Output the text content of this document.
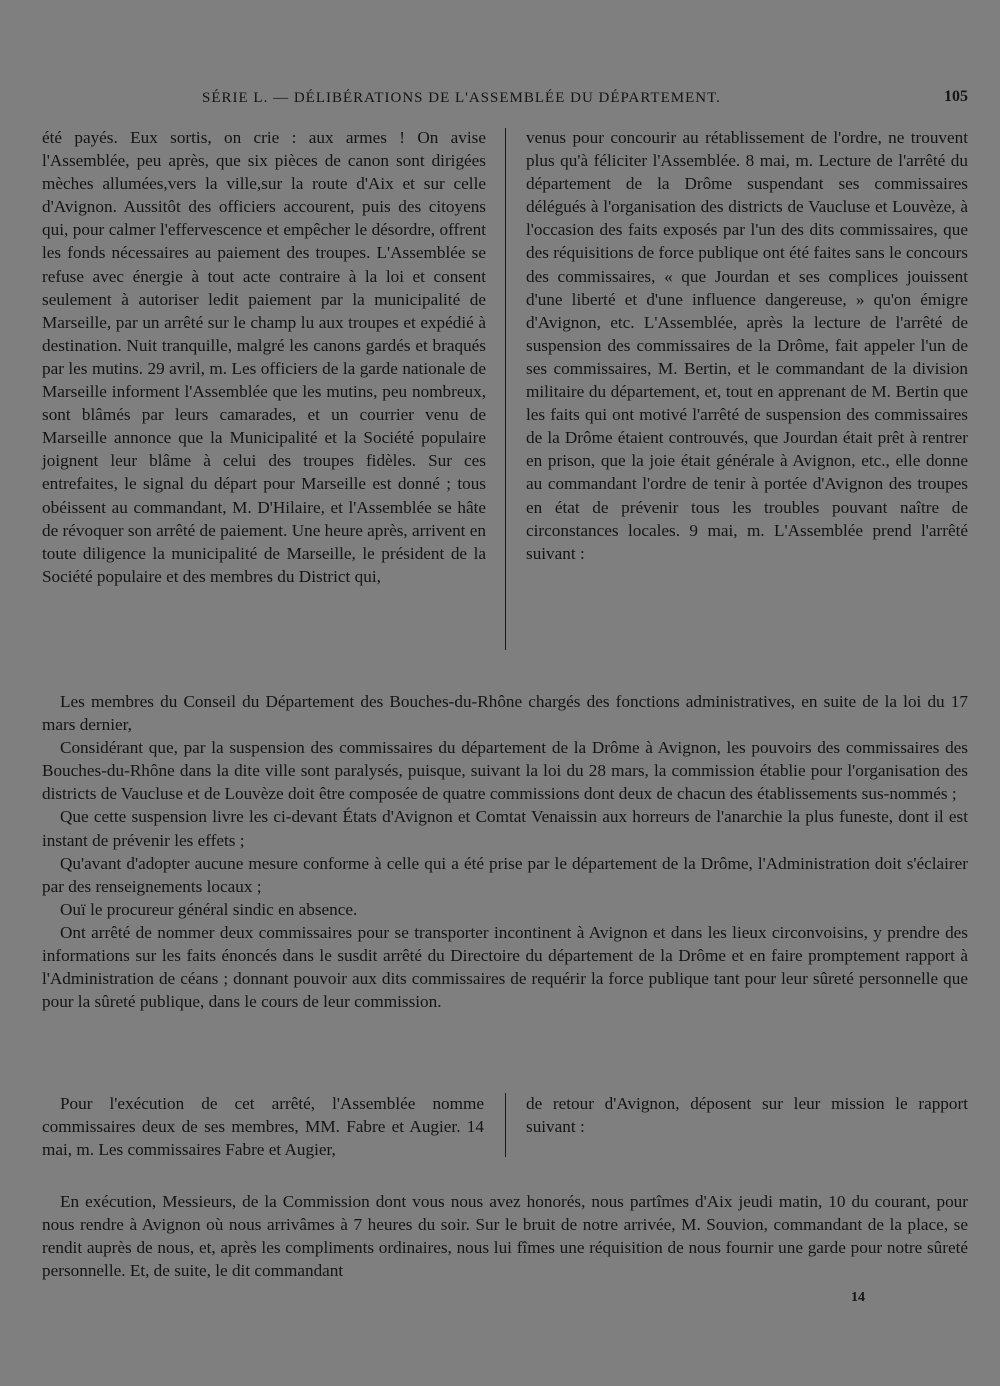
SÉRIE L. — DÉLIBÉRATIONS DE L'ASSEMBLÉE DU DÉPARTEMENT.	105

été payés. Eux sortis, on crie : aux armes ! On avise l'Assemblée, peu après, que six pièces de canon sont dirigées mèches allumées,vers la ville,sur la route d'Aix et sur celle d'Avignon. Aussitôt des officiers accourent, puis des citoyens qui, pour calmer l'effervescence et empêcher le désordre, offrent les fonds nécessaires au paiement des troupes. L'Assemblée se refuse avec énergie à tout acte contraire à la loi et consent seulement à autoriser ledit paiement par la municipalité de Marseille, par un arrêté sur le champ lu aux troupes et expédié à destination. Nuit tranquille, malgré les canons gardés et braqués par les mutins. 29 avril, m. Les officiers de la garde nationale de Marseille informent l'Assemblée que les mutins, peu nombreux, sont blâmés par leurs camarades, et un courrier venu de Marseille annonce que la Municipalité et la Société populaire joignent leur blâme à celui des troupes fidèles. Sur ces entrefaites, le signal du départ pour Marseille est donné ; tous obéissent au commandant, M. D'Hilaire, et l'Assemblée se hâte de révoquer son arrêté de paiement. Une heure après, arrivent en toute diligence la municipalité de Marseille, le président de la Société populaire et des membres du District qui,

venus pour concourir au rétablissement de l'ordre, ne trouvent plus qu'à féliciter l'Assemblée. 8 mai, m. Lecture de l'arrêté du département de la Drôme suspendant ses commissaires délégués à l'organisation des districts de Vaucluse et Louvèze, à l'occasion des faits exposés par l'un des dits commissaires, que des réquisitions de force publique ont été faites sans le concours des commissaires, « que Jourdan et ses complices jouissent d'une liberté et d'une influence dangereuse, » qu'on émigre d'Avignon, etc. L'Assemblée, après la lecture de l'arrêté de suspension des commissaires de la Drôme, fait appeler l'un de ses commissaires, M. Bertin, et le commandant de la division militaire du département, et, tout en apprenant de M. Bertin que les faits qui ont motivé l'arrêté de suspension des commissaires de la Drôme étaient controuvés, que Jourdan était prêt à rentrer en prison, que la joie était générale à Avignon, etc., elle donne au commandant l'ordre de tenir à portée d'Avignon des troupes en état de prévenir tous les troubles pouvant naître de circonstances locales. 9 mai, m. L'Assemblée prend l'arrêté suivant :

Les membres du Conseil du Département des Bouches-du-Rhône chargés des fonctions administratives, en suite de la loi du 17 mars dernier,

Considérant que, par la suspension des commissaires du département de la Drôme à Avignon, les pouvoirs des commissaires des Bouches-du-Rhône dans la dite ville sont paralysés, puisque, suivant la loi du 28 mars, la commission établie pour l'organisation des districts de Vaucluse et de Louvèze doit être composée de quatre commissions dont deux de chacun des établissements sus-nommés ;

Que cette suspension livre les ci-devant États d'Avignon et Comtat Venaissin aux horreurs de l'anarchie la plus funeste, dont il est instant de prévenir les effets ;

Qu'avant d'adopter aucune mesure conforme à celle qui a été prise par le département de la Drôme, l'Administration doit s'éclairer par des renseignements locaux ;

Ouï le procureur général sindic en absence.

Ont arrêté de nommer deux commissaires pour se transporter incontinent à Avignon et dans les lieux circonvoisins, y prendre des informations sur les faits énoncés dans le susdit arrêté du Directoire du département de la Drôme et en faire promptement rapport à l'Administration de céans ; donnant pouvoir aux dits commissaires de requérir la force publique tant pour leur sûreté personnelle que pour la sûreté publique, dans le cours de leur commission.

Pour l'exécution de cet arrêté, l'Assemblée nomme commissaires deux de ses membres, MM. Fabre et Augier. 14 mai, m. Les commissaires Fabre et Augier,

de retour d'Avignon, déposent sur leur mission le rapport suivant :

En exécution, Messieurs, de la Commission dont vous nous avez honorés, nous partîmes d'Aix jeudi matin, 10 du courant, pour nous rendre à Avignon où nous arrivâmes à 7 heures du soir. Sur le bruit de notre arrivée, M. Souvion, commandant de la place, se rendit auprès de nous, et, après les compliments ordinaires, nous lui fîmes une réquisition de nous fournir une garde pour notre sûreté personnelle. Et, de suite, le dit commandant

14
